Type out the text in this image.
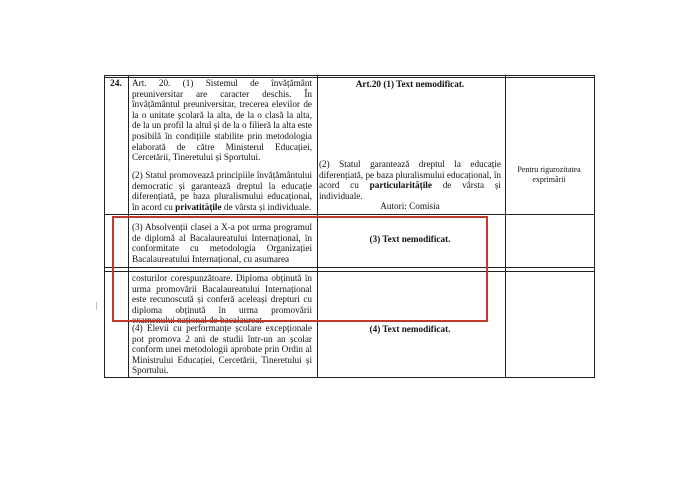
24.	Art. 20. (1) Sistemul de învățământ preuniversitar are caracter deschis. În învățământul preuniversitar, trecerea elevilor de la o unitate școlară la alta, de la o clasă la alta, de la un profil la altul și de la o filieră la alta este posibilă în condițiile stabilite prin metodologia elaborată de către Ministerul Educației, Cercetării, Tineretului și Sportului.
(2) Statul promovează principiile învățământului democratic și garantează dreptul la educație diferențiată, pe baza pluralismului educațional, în acord cu privatitățile de vârsta și individuale.
(3) Absolvenții clasei a X-a pot urma programul de diplomă al Bacalaureatului Internațional, în conformitate cu metodologia Organizației Bacalaureatului Internațional, cu asumarea
costurilor corespunzătoare. Diploma obținută în urma promovării Bacalaureatului Internațional este recunoscută și conferă aceleași drepturi cu diploma obținută în urma promovării examenului național de bacalaureat.
(4) Elevii cu performanțe școlare excepționale pot promova 2 ani de studii într-un an școlar conform unei metodologii aprobate prin Ordin al Ministrului Educației, Cercetării, Tineretului și Sportului.
Art.20 (1) Text nemodificat.
(2) Statul garantează dreptul la educație diferențiată, pe baza pluralismului educațional, în acord cu particularitățile de vârsta și individuale.
Autori: Comisia
(3) Text nemodificat.
(4) Text nemodificat.
Pentru rigurozitatea exprimării
|
